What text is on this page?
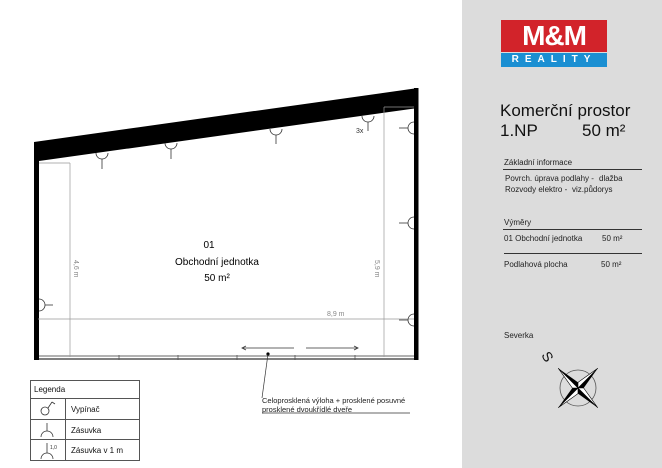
M&M
REALITY
Komerční prostor
1.NP	50 m²
Základní informace
Povrch. úprava podlahy - dlažba
Rozvody elektro - viz.půdorys
Výměry
01 Obchodní jednotka 50 m²
Podlahová plocha	50 m²
Severka
4,6 m	5,9 m
8,9 m
01
Obchodní jednotka
50 m²
3x
Celoprosklená výloha + prosklené posuvné
prosklené dvoukřídlé dveře
S
Legenda
Vypínač
Zásuvka
1,0 Zásuvka v 1 m
